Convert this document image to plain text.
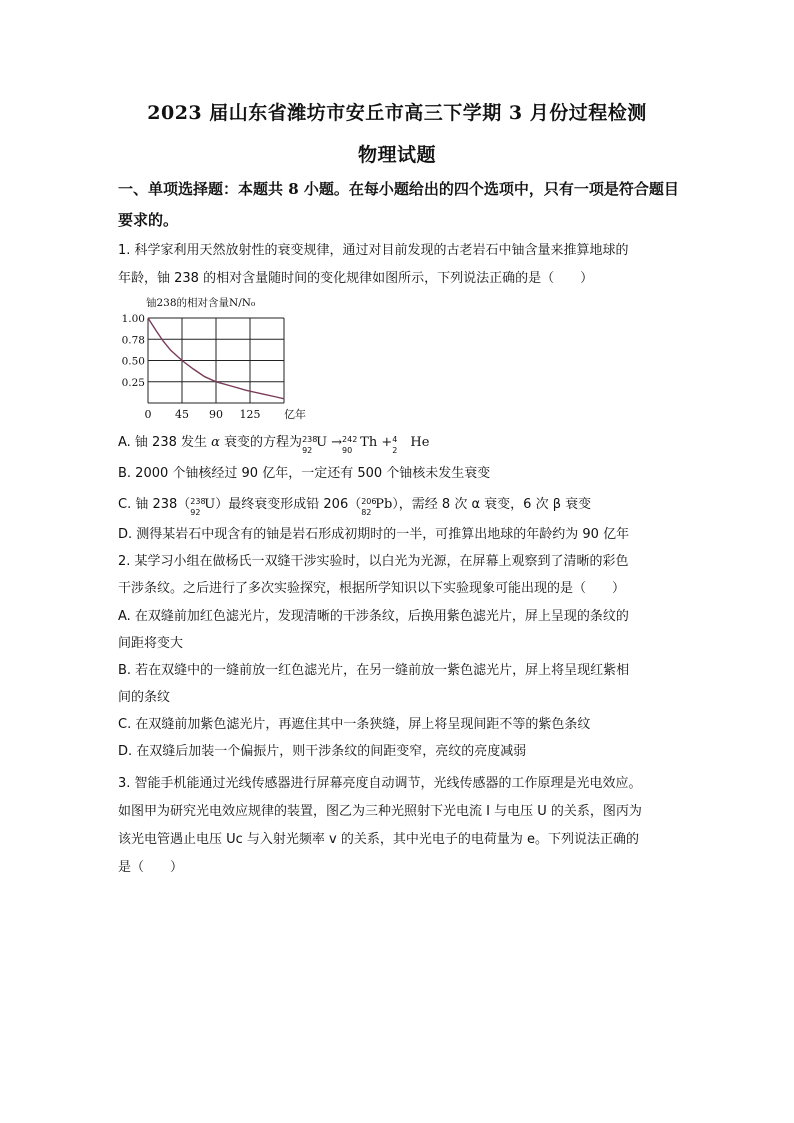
2023 届山东省潍坊市安丘市高三下学期 3 月份过程检测
物理试题
一、单项选择题：本题共 8 小题。在每小题给出的四个选项中，只有一项是符合题目要求的。
1. 科学家利用天然放射性的衰变规律，通过对目前发现的古老岩石中铀含量来推算地球的
年龄，铀 238 的相对含量随时间的变化规律如图所示，下列说法正确的是（　　）
铀238的相对含量N/N₀
1.00
0.78
0.50
0.25
0 45 90 125 亿年
A. 铀 238 发生 α 衰变的方程为 238
92
U → 242
90
Th + 4
2
He
B. 2000 个铀核经过 90 亿年，一定还有 500 个铀核未发生衰变
C. 铀 238（ 238
92
U）最终衰变形成铅 206（ 206
82
Pb），需经 8 次 α 衰变，6 次 β 衰变
D. 测得某岩石中现含有的铀是岩石形成初期时的一半，可推算出地球的年龄约为 90 亿年
2. 某学习小组在做杨氏一双缝干涉实验时，以白光为光源，在屏幕上观察到了清晰的彩色
干涉条纹。之后进行了多次实验探究，根据所学知识以下实验现象可能出现的是（　　）
A. 在双缝前加红色滤光片，发现清晰的干涉条纹，后换用紫色滤光片，屏上呈现的条纹的
间距将变大
B. 若在双缝中的一缝前放一红色滤光片，在另一缝前放一紫色滤光片，屏上将呈现红紫相
间的条纹
C. 在双缝前加紫色滤光片，再遮住其中一条狭缝，屏上将呈现间距不等的紫色条纹
D. 在双缝后加装一个偏振片，则干涉条纹的间距变窄，亮纹的亮度减弱
3. 智能手机能通过光线传感器进行屏幕亮度自动调节，光线传感器的工作原理是光电效应。
如图甲为研究光电效应规律的装置，图乙为三种光照射下光电流 I 与电压 U 的关系，图丙为
该光电管遇止电压 Uc 与入射光频率 v 的关系，其中光电子的电荷量为 e。下列说法正确的
是（　　）
